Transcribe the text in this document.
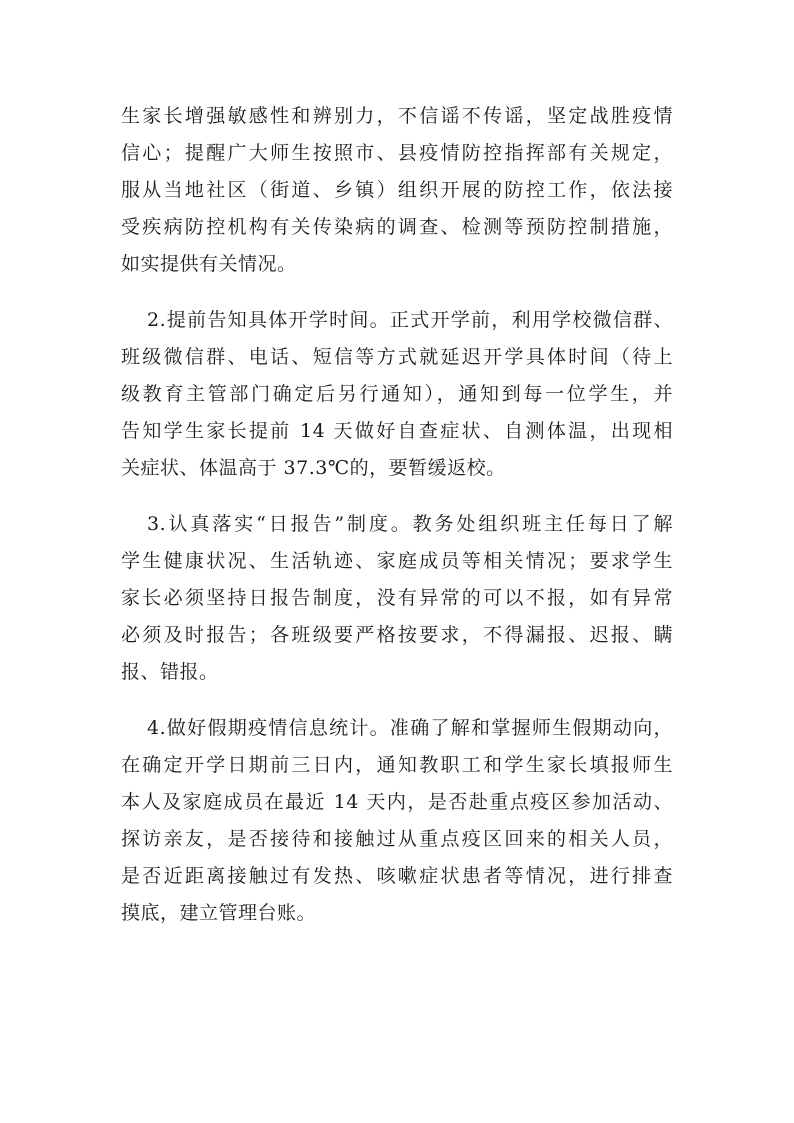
生家长增强敏感性和辨别力，不信谣不传谣，坚定战胜疫情
信心；提醒广大师生按照市、县疫情防控指挥部有关规定，
服从当地社区（街道、乡镇）组织开展的防控工作，依法接
受疾病防控机构有关传染病的调查、检测等预防控制措施，
如实提供有关情况。
2.提前告知具体开学时间。正式开学前，利用学校微信群、
班级微信群、电话、短信等方式就延迟开学具体时间（待上
级教育主管部门确定后另行通知），通知到每一位学生，并
告知学生家长提前 14 天做好自查症状、自测体温，出现相
关症状、体温高于 37.3℃的，要暂缓返校。
3.认真落实“日报告”制度。教务处组织班主任每日了解
学生健康状况、生活轨迹、家庭成员等相关情况；要求学生
家长必须坚持日报告制度，没有异常的可以不报，如有异常
必须及时报告；各班级要严格按要求，不得漏报、迟报、瞒
报、错报。
4.做好假期疫情信息统计。准确了解和掌握师生假期动向，
在确定开学日期前三日内，通知教职工和学生家长填报师生
本人及家庭成员在最近 14 天内，是否赴重点疫区参加活动、
探访亲友，是否接待和接触过从重点疫区回来的相关人员，
是否近距离接触过有发热、咳嗽症状患者等情况，进行排查
摸底，建立管理台账。
